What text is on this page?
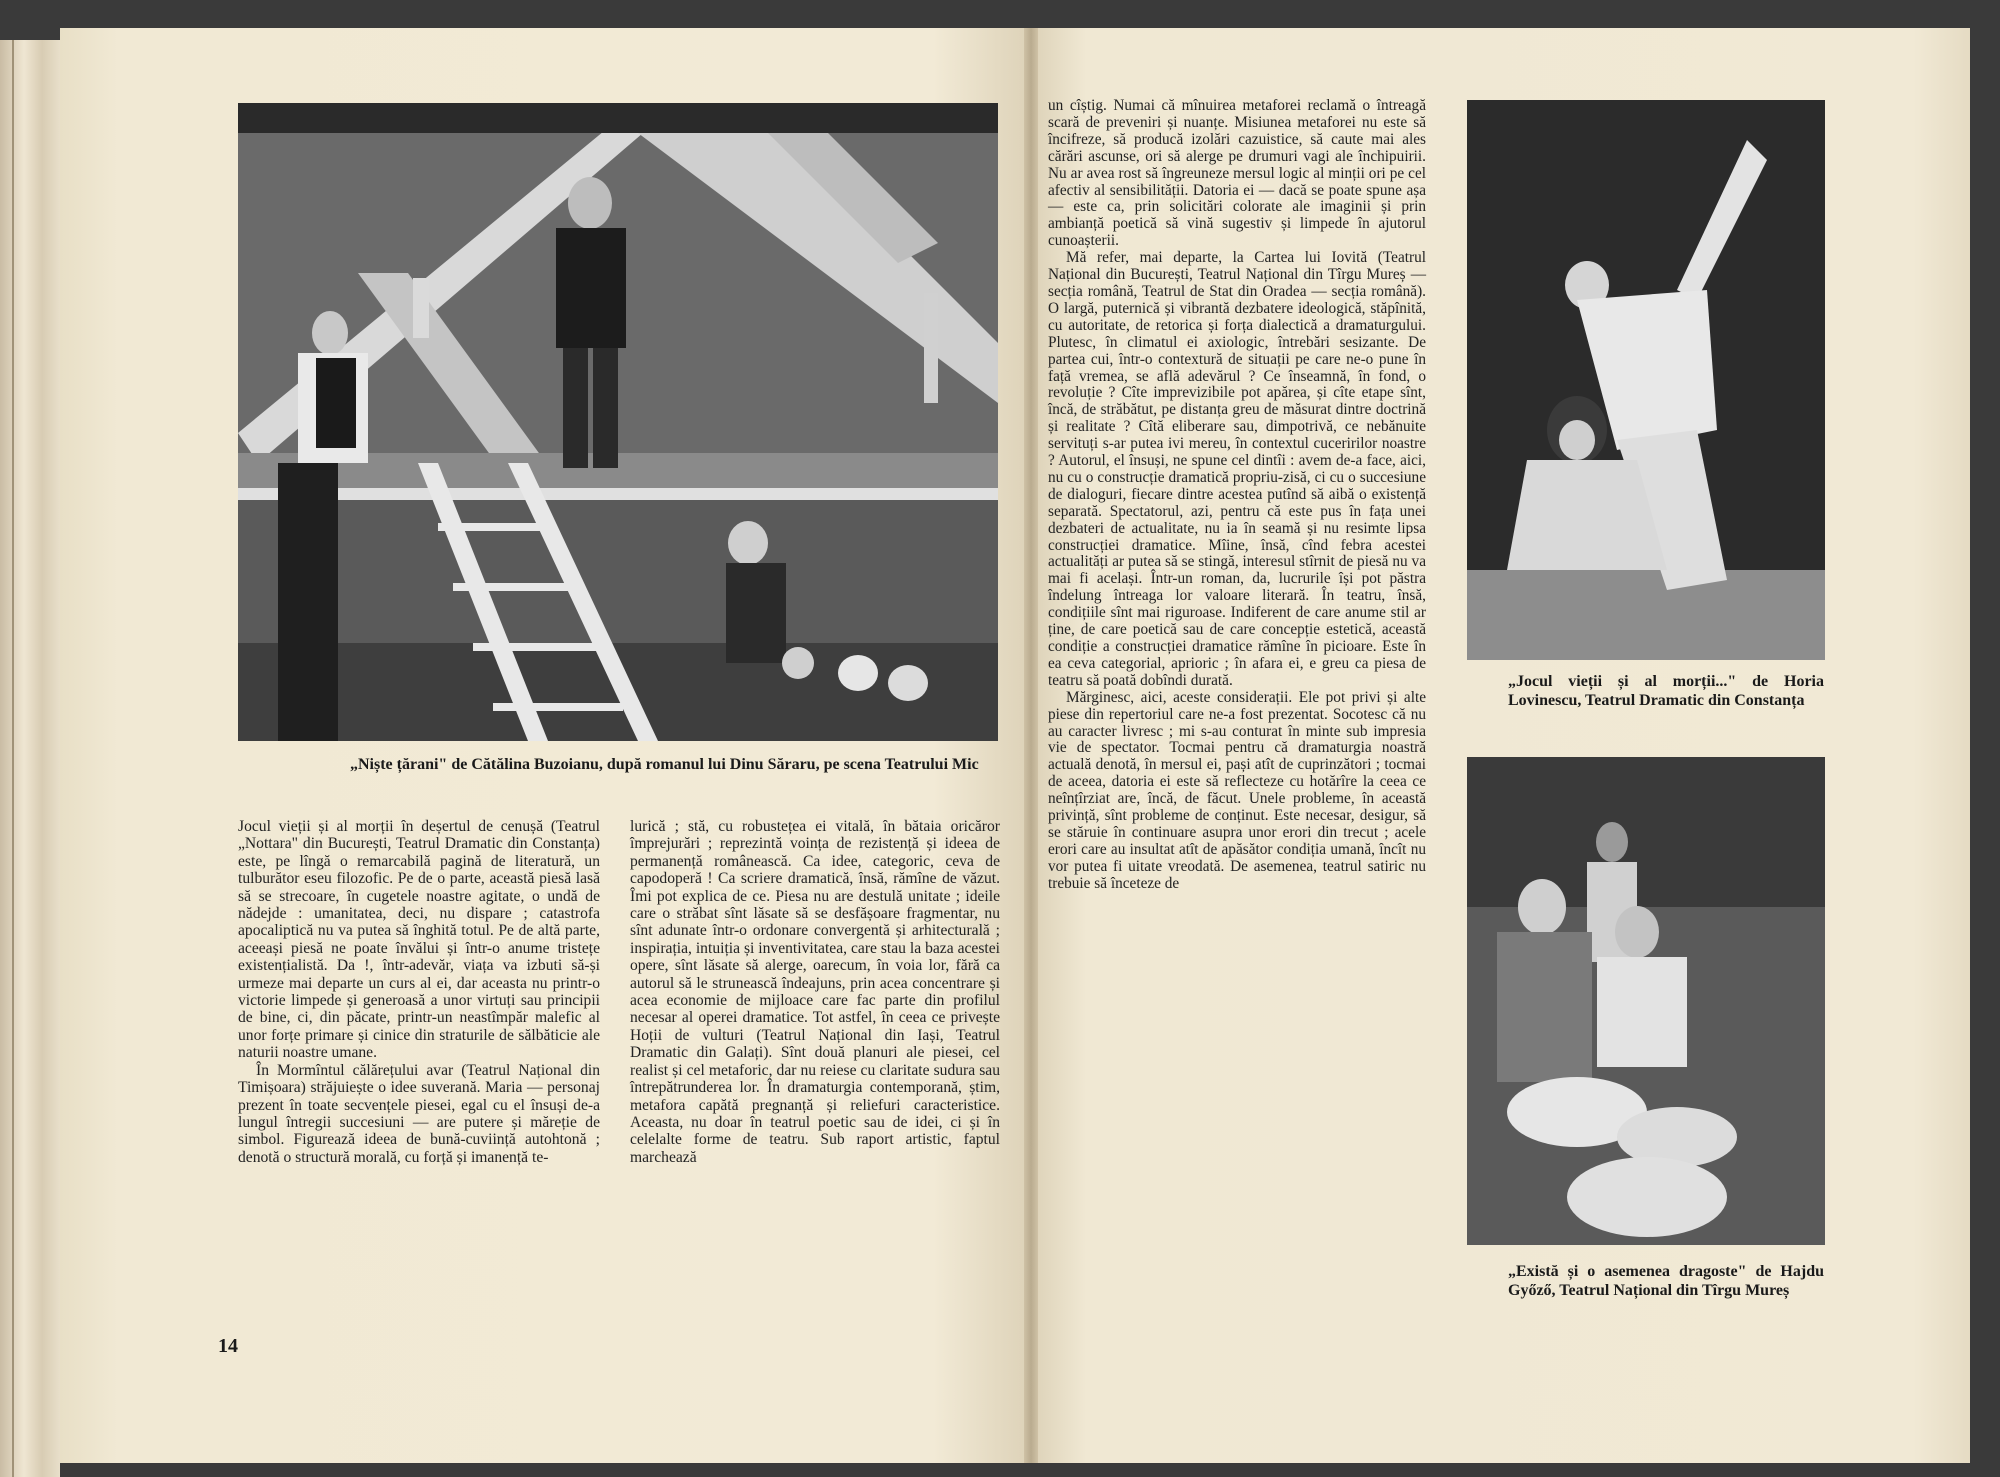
„Niște țărani" de Cătălina Buzoianu, după romanul lui Dinu Săraru, pe scena Teatrului Mic

Jocul vieții și al morții în deșertul de cenușă (Teatrul „Nottara" din București, Teatrul Dramatic din Constanța) este, pe lîngă o remarcabilă pagină de literatură, un tulburător eseu filozofic. Pe de o parte, această piesă lasă să se strecoare, în cugetele noastre agitate, o undă de nădejde : umanitatea, deci, nu dispare ; catastrofa apocaliptică nu va putea să înghită totul. Pe de altă parte, aceeași piesă ne poate învălui și într-o anume tristețe existențialistă. Da !, într-adevăr, viața va izbuti să-și urmeze mai departe un curs al ei, dar aceasta nu printr-o victorie limpede și generoasă a unor virtuți sau principii de bine, ci, din păcate, printr-un neastîmpăr malefic al unor forțe primare și cinice din straturile de sălbăticie ale naturii noastre umane.

În Mormîntul călărețului avar (Teatrul Național din Timișoara) străjuiește o idee suverană. Maria — personaj prezent în toate secvențele piesei, egal cu el însuși de-a lungul întregii succesiuni — are putere și măreție de simbol. Figurează ideea de bună-cuviință autohtonă ; denotă o structură morală, cu forță și imanență te-

lurică ; stă, cu robustețea ei vitală, în bătaia oricăror împrejurări ; reprezintă voința de rezistență și ideea de permanență românească. Ca idee, categoric, ceva de capodoperă ! Ca scriere dramatică, însă, rămîne de văzut. Îmi pot explica de ce. Piesa nu are destulă unitate ; ideile care o străbat sînt lăsate să se desfășoare fragmentar, nu sînt adunate într-o ordonare convergentă și arhitecturală ; inspirația, intuiția și inventivitatea, care stau la baza acestei opere, sînt lăsate să alerge, oarecum, în voia lor, fără ca autorul să le strunească îndeajuns, prin acea concentrare și acea economie de mijloace care fac parte din profilul necesar al operei dramatice. Tot astfel, în ceea ce privește Hoții de vulturi (Teatrul Național din Iași, Teatrul Dramatic din Galați). Sînt două planuri ale piesei, cel realist și cel metaforic, dar nu reiese cu claritate sudura sau întrepătrunderea lor. În dramaturgia contemporană, știm, metafora capătă pregnanță și reliefuri caracteristice. Aceasta, nu doar în teatrul poetic sau de idei, ci și în celelalte forme de teatru. Sub raport artistic, faptul marchează

14

un cîștig. Numai că mînuirea metaforei reclamă o întreagă scară de preveniri și nuanțe. Misiunea metaforei nu este să încifreze, să producă izolări cazuistice, să caute mai ales cărări ascunse, ori să alerge pe drumuri vagi ale închipuirii. Nu ar avea rost să îngreuneze mersul logic al minții ori pe cel afectiv al sensibilității. Datoria ei — dacă se poate spune așa — este ca, prin solicitări colorate ale imaginii și prin ambianță poetică să vină sugestiv și limpede în ajutorul cunoașterii.

Mă refer, mai departe, la Cartea lui Iovită (Teatrul Național din București, Teatrul Național din Tîrgu Mureș — secția română, Teatrul de Stat din Oradea — secția română). O largă, puternică și vibrantă dezbatere ideologică, stăpînită, cu autoritate, de retorica și forța dialectică a dramaturgului. Plutesc, în climatul ei axiologic, întrebări sesizante. De partea cui, într-o contextură de situații pe care ne-o pune în față vremea, se află adevărul ? Ce înseamnă, în fond, o revoluție ? Cîte imprevizibile pot apărea, și cîte etape sînt, încă, de străbătut, pe distanța greu de măsurat dintre doctrină și realitate ? Cîtă eliberare sau, dimpotrivă, ce nebănuite servituți s-ar putea ivi mereu, în contextul cuceririlor noastre ? Autorul, el însuși, ne spune cel dintîi : avem de-a face, aici, nu cu o construcție dramatică propriu-zisă, ci cu o succesiune de dialoguri, fiecare dintre acestea putînd să aibă o existență separată. Spectatorul, azi, pentru că este pus în fața unei dezbateri de actualitate, nu ia în seamă și nu resimte lipsa construcției dramatice. Mîine, însă, cînd febra acestei actualități ar putea să se stingă, interesul stîrnit de piesă nu va mai fi același. Într-un roman, da, lucrurile își pot păstra îndelung întreaga lor valoare literară. În teatru, însă, condițiile sînt mai riguroase. Indiferent de care anume stil ar ține, de care poetică sau de care concepție estetică, această condiție a construcției dramatice rămîne în picioare. Este în ea ceva categorial, aprioric ; în afara ei, e greu ca piesa de teatru să poată dobîndi durată.

Mărginesc, aici, aceste considerații. Ele pot privi și alte piese din repertoriul care ne-a fost prezentat. Socotesc că nu au caracter livresc ; mi s-au conturat în minte sub impresia vie de spectator. Tocmai pentru că dramaturgia noastră actuală denotă, în mersul ei, pași atît de cuprinzători ; tocmai de aceea, datoria ei este să reflecteze cu hotărîre la ceea ce neînțîrziat are, încă, de făcut. Unele probleme, în această privință, sînt probleme de conținut. Este necesar, desigur, să se stăruie în continuare asupra unor erori din trecut ; acele erori care au insultat atît de apăsător condiția umană, încît nu vor putea fi uitate vreodată. De asemenea, teatrul satiric nu trebuie să înceteze de

„Jocul vieții și al morții..." de Horia Lovinescu, Teatrul Dramatic din Constanța
„Există și o asemenea dragoste" de Hajdu Győző, Teatrul Național din Tîrgu Mureș
